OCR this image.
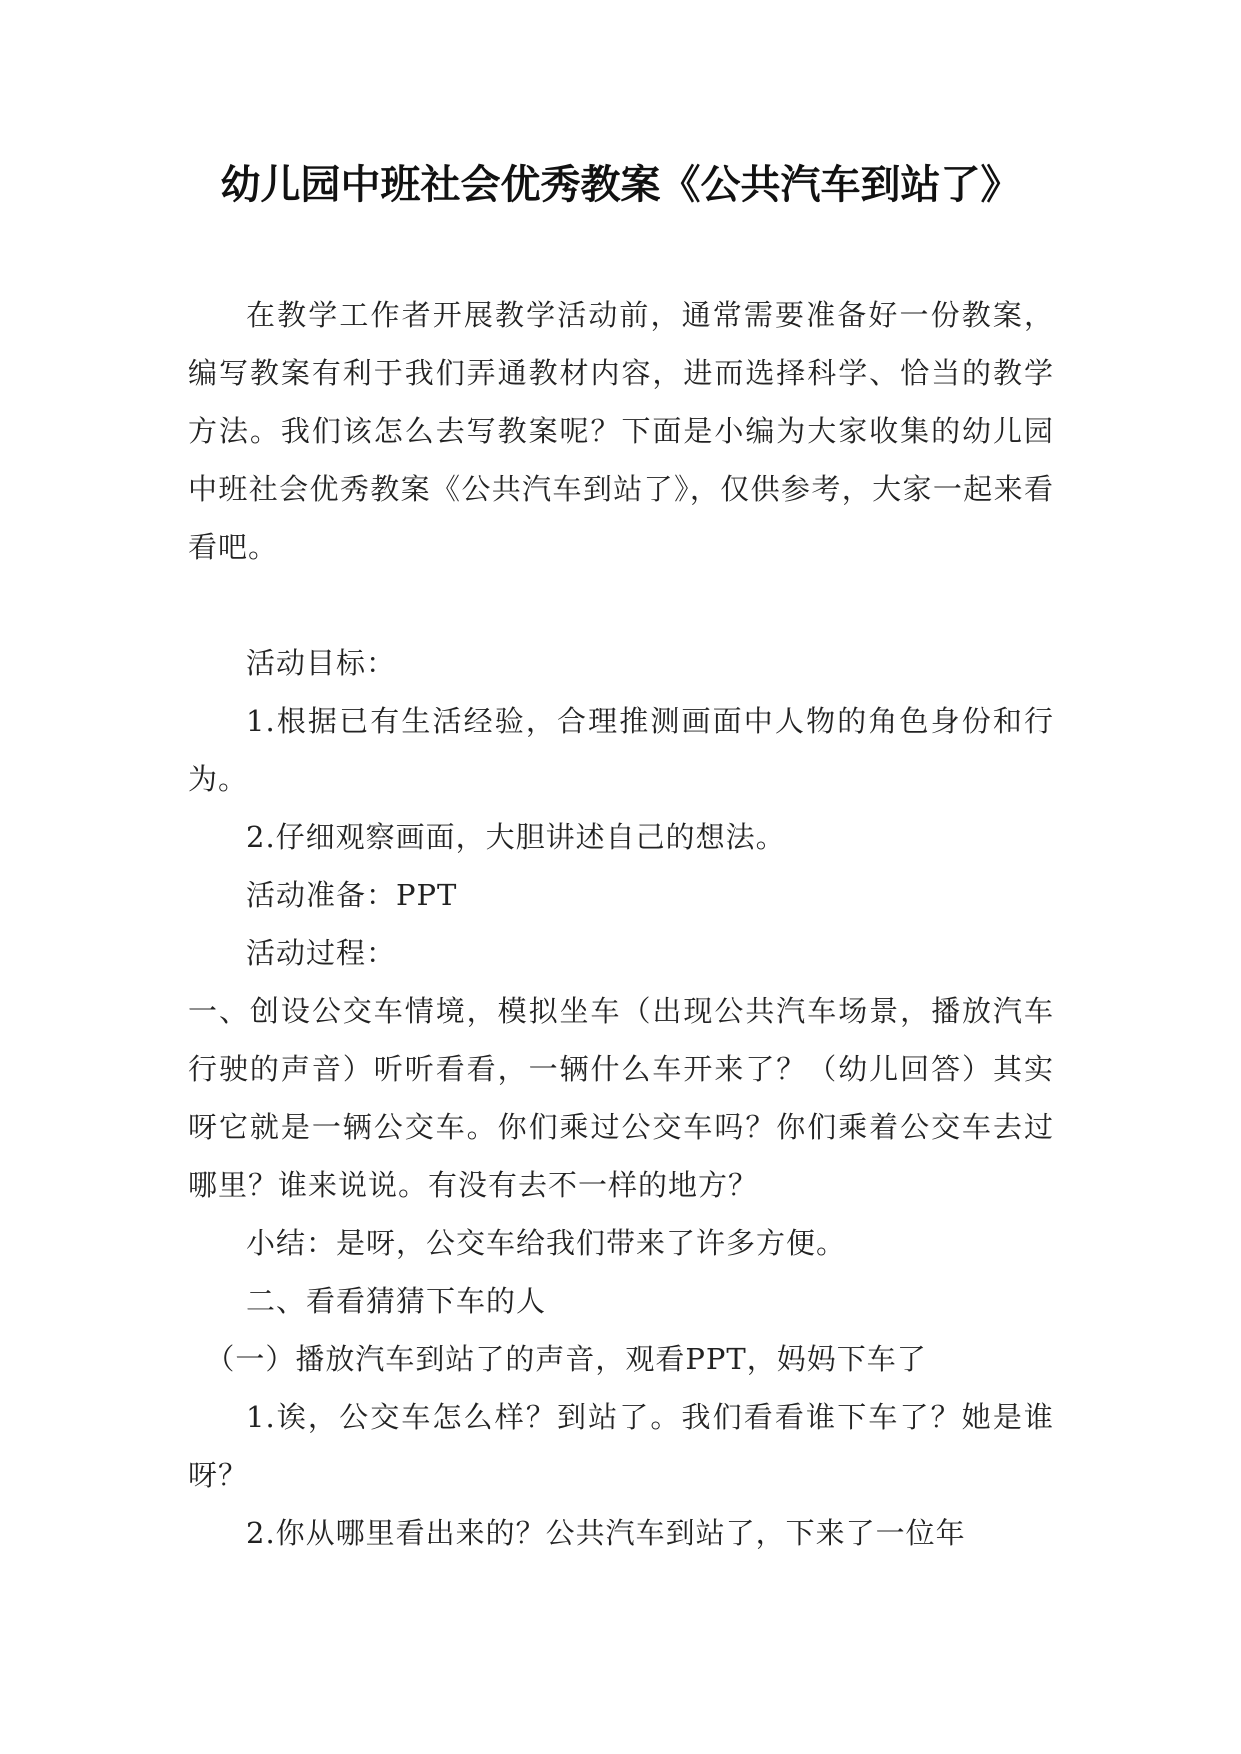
幼儿园中班社会优秀教案《公共汽车到站了》

在教学工作者开展教学活动前，通常需要准备好一份教案，编写教案有利于我们弄通教材内容，进而选择科学、恰当的教学方法。我们该怎么去写教案呢？下面是小编为大家收集的幼儿园中班社会优秀教案《公共汽车到站了》，仅供参考，大家一起来看看吧。

活动目标：

1.根据已有生活经验，合理推测画面中人物的角色身份和行为。

2.仔细观察画面，大胆讲述自己的想法。

活动准备：PPT

活动过程：

一、创设公交车情境，模拟坐车（出现公共汽车场景，播放汽车行驶的声音）听听看看，一辆什么车开来了？（幼儿回答）其实呀它就是一辆公交车。你们乘过公交车吗？你们乘着公交车去过哪里？谁来说说。有没有去不一样的地方？

小结：是呀，公交车给我们带来了许多方便。

二、看看猜猜下车的人

（一）播放汽车到站了的声音，观看PPT，妈妈下车了

1.诶，公交车怎么样？到站了。我们看看谁下车了？她是谁呀？

2.你从哪里看出来的？公共汽车到站了，下来了一位年
